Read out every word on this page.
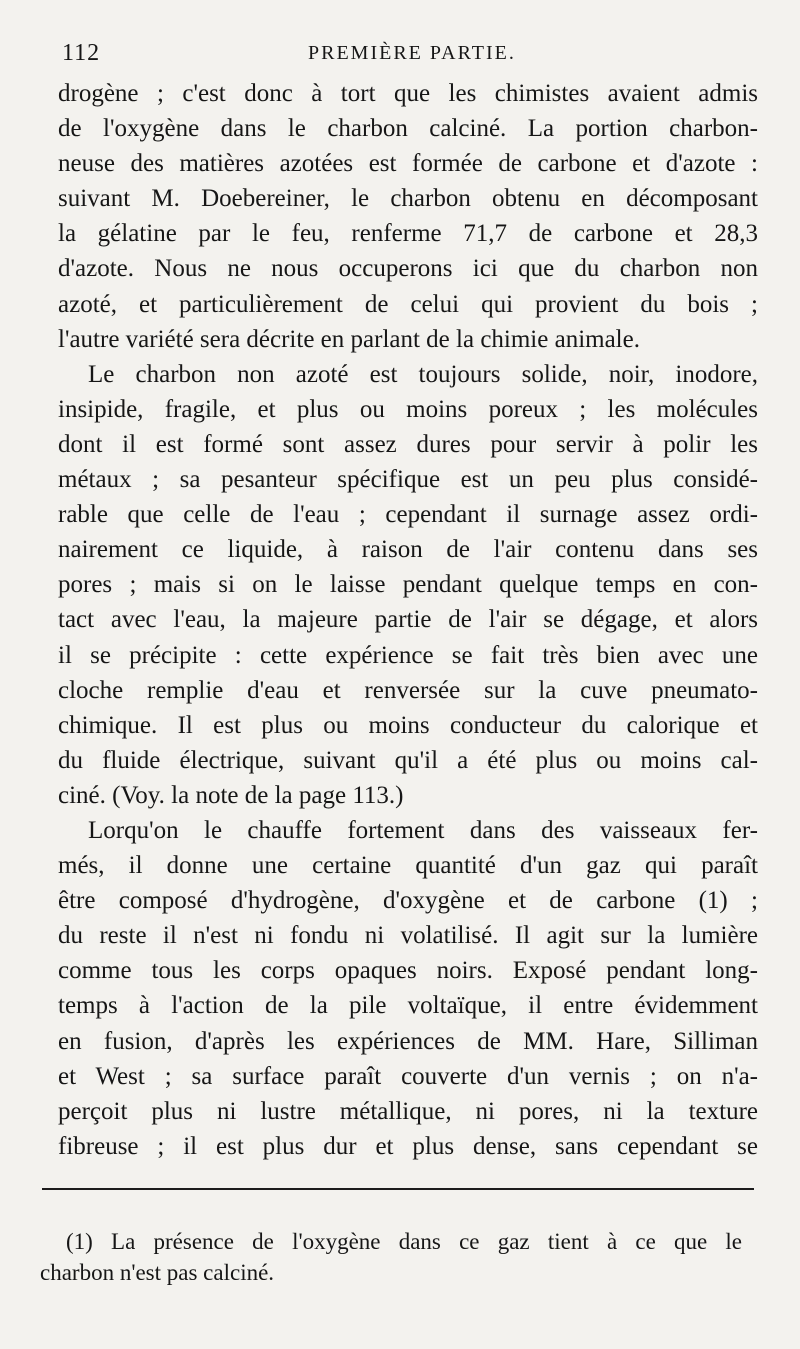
112	PREMIÈRE PARTIE.
drogène ; c'est donc à tort que les chimistes avaient admis
de l'oxygène dans le charbon calciné. La portion charbon-
neuse des matières azotées est formée de carbone et d'azote :
suivant M. Doebereiner, le charbon obtenu en décomposant
la gélatine par le feu, renferme 71,7 de carbone et 28,3
d'azote. Nous ne nous occuperons ici que du charbon non
azoté, et particulièrement de celui qui provient du bois ;
l'autre variété sera décrite en parlant de la chimie animale.
Le charbon non azoté est toujours solide, noir, inodore,
insipide, fragile, et plus ou moins poreux ; les molécules
dont il est formé sont assez dures pour servir à polir les
métaux ; sa pesanteur spécifique est un peu plus considé-
rable que celle de l'eau ; cependant il surnage assez ordi-
nairement ce liquide, à raison de l'air contenu dans ses
pores ; mais si on le laisse pendant quelque temps en con-
tact avec l'eau, la majeure partie de l'air se dégage, et alors
il se précipite : cette expérience se fait très bien avec une
cloche remplie d'eau et renversée sur la cuve pneumato-
chimique. Il est plus ou moins conducteur du calorique et
du fluide électrique, suivant qu'il a été plus ou moins cal-
ciné. (Voy. la note de la page 113.)
Lorqu'on le chauffe fortement dans des vaisseaux fer-
més, il donne une certaine quantité d'un gaz qui paraît
être composé d'hydrogène, d'oxygène et de carbone (1) ;
du reste il n'est ni fondu ni volatilisé. Il agit sur la lumière
comme tous les corps opaques noirs. Exposé pendant long-
temps à l'action de la pile voltaïque, il entre évidemment
en fusion, d'après les expériences de MM. Hare, Silliman
et West ; sa surface paraît couverte d'un vernis ; on n'a-
perçoit plus ni lustre métallique, ni pores, ni la texture
fibreuse ; il est plus dur et plus dense, sans cependant se
(1) La présence de l'oxygène dans ce gaz tient à ce que le
charbon n'est pas calciné.
